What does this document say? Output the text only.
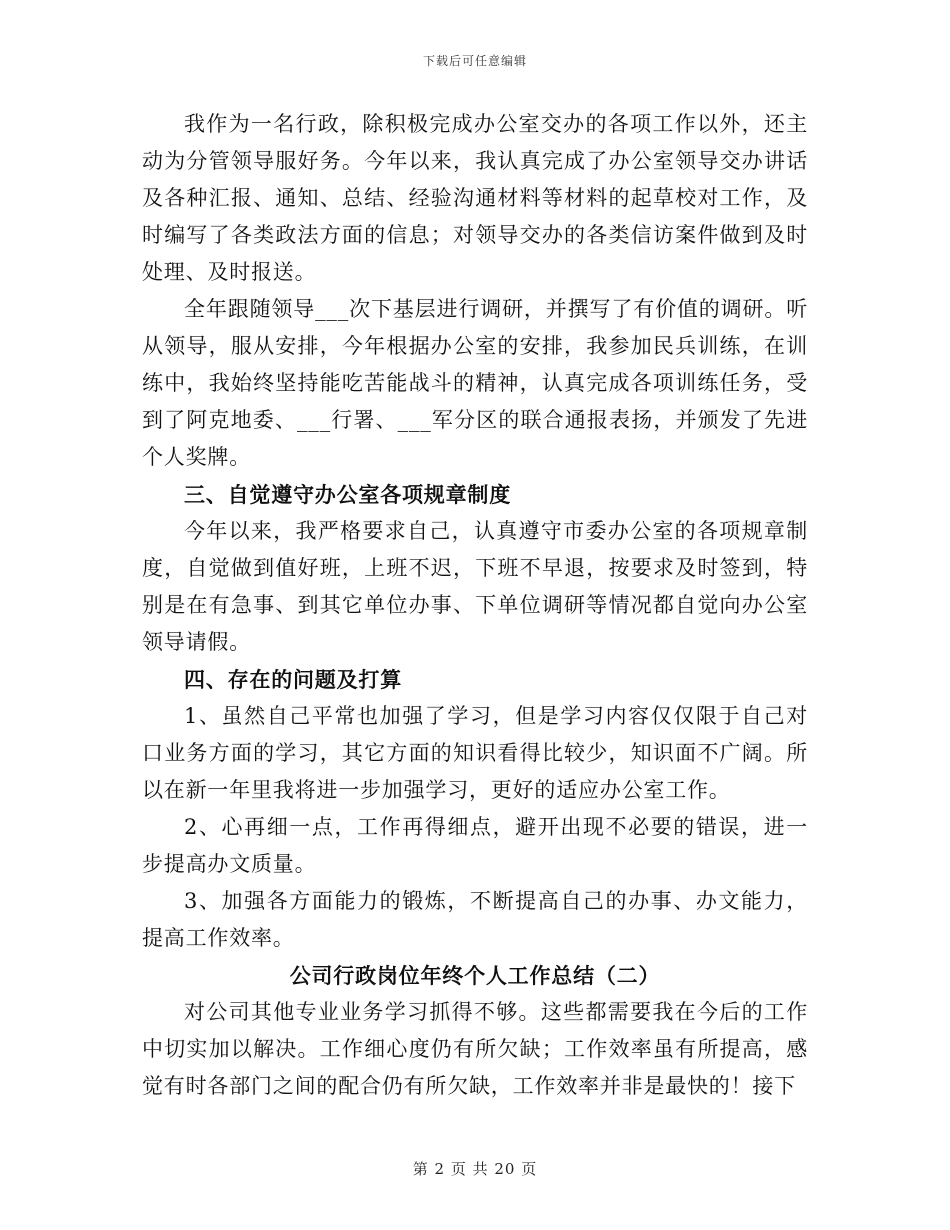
下载后可任意编辑

我作为一名行政，除积极完成办公室交办的各项工作以外，还主动为分管领导服好务。今年以来，我认真完成了办公室领导交办讲话及各种汇报、通知、总结、经验沟通材料等材料的起草校对工作，及时编写了各类政法方面的信息；对领导交办的各类信访案件做到及时处理、及时报送。

全年跟随领导___次下基层进行调研，并撰写了有价值的调研。听从领导，服从安排，今年根据办公室的安排，我参加民兵训练，在训练中，我始终坚持能吃苦能战斗的精神，认真完成各项训练任务，受到了阿克地委、___行署、___军分区的联合通报表扬，并颁发了先进个人奖牌。

三、自觉遵守办公室各项规章制度

今年以来，我严格要求自己，认真遵守市委办公室的各项规章制度，自觉做到值好班，上班不迟，下班不早退，按要求及时签到，特别是在有急事、到其它单位办事、下单位调研等情况都自觉向办公室领导请假。

四、存在的问题及打算

1、虽然自己平常也加强了学习，但是学习内容仅仅限于自己对口业务方面的学习，其它方面的知识看得比较少，知识面不广阔。所以在新一年里我将进一步加强学习，更好的适应办公室工作。

2、心再细一点，工作再得细点，避开出现不必要的错误，进一步提高办文质量。

3、加强各方面能力的锻炼，不断提高自己的办事、办文能力，提高工作效率。

公司行政岗位年终个人工作总结（二）

对公司其他专业业务学习抓得不够。这些都需要我在今后的工作中切实加以解决。工作细心度仍有所欠缺；工作效率虽有所提高，感觉有时各部门之间的配合仍有所欠缺，工作效率并非是最快的！接下

第 2 页 共 20 页
